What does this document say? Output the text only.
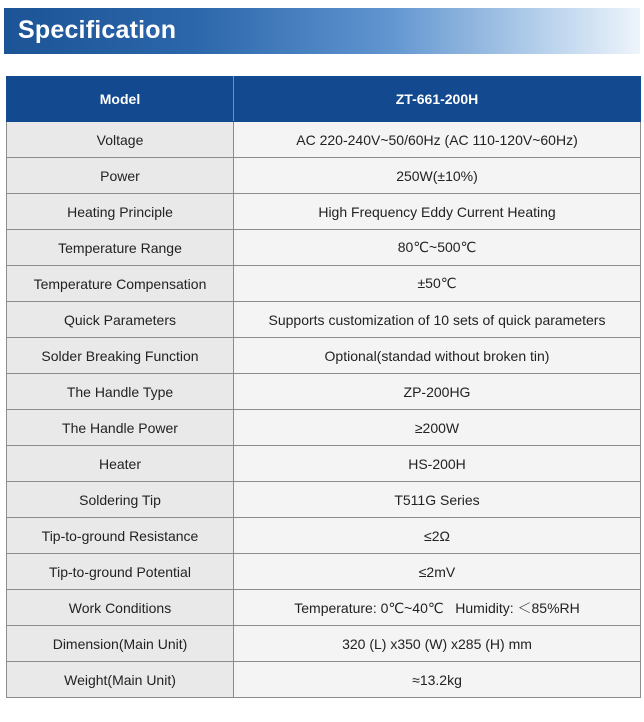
Specification
Model	ZT-661-200H
Voltage	AC 220-240V~50/60Hz (AC 110-120V~60Hz)
Power	250W(±10%)
Heating Principle	High Frequency Eddy Current Heating
Temperature Range	80℃~500℃
Temperature Compensation	±50℃
Quick Parameters	Supports customization of 10 sets of quick parameters
Solder Breaking Function	Optional(standad without broken tin)
The Handle Type	ZP-200HG
The Handle Power	≥200W
Heater	HS-200H
Soldering Tip	T511G Series
Tip-to-ground Resistance	≤2Ω
Tip-to-ground Potential	≤2mV
Work Conditions	Temperature: 0℃~40℃   Humidity: ＜85%RH
Dimension(Main Unit)	320 (L) x350 (W) x285 (H) mm
Weight(Main Unit)	≈13.2kg
